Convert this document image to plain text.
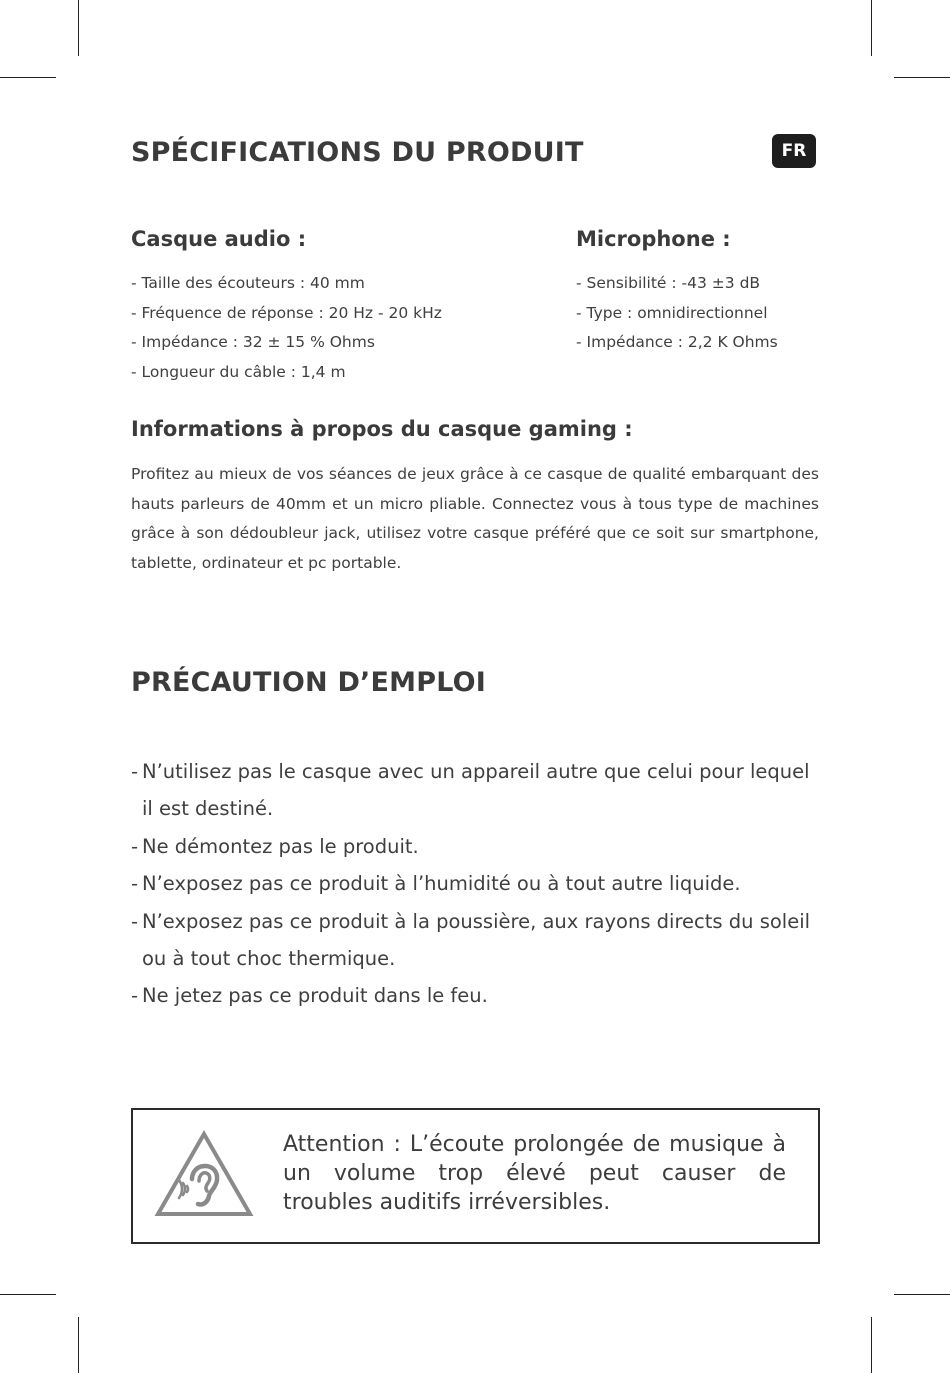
SPÉCIFICATIONS DU PRODUIT	FR
Casque audio :
- Taille des écouteurs : 40 mm
- Fréquence de réponse : 20 Hz - 20 kHz
- Impédance : 32 ± 15 % Ohms
- Longueur du câble : 1,4 m
Microphone :
- Sensibilité : -43 ±3 dB
- Type : omnidirectionnel
- Impédance : 2,2 K Ohms
Informations à propos du casque gaming :

Profitez au mieux de vos séances de jeux grâce à ce casque de qualité embarquant des hauts parleurs de 40mm et un micro pliable. Connectez vous à tous type de machines grâce à son dédoubleur jack, utilisez votre casque préféré que ce soit sur smartphone, tablette, ordinateur et pc portable.

PRÉCAUTION D’EMPLOI
- N’utilisez pas le casque avec un appareil autre que celui pour lequel il est destiné.
- Ne démontez pas le produit.
- N’exposez pas ce produit à l’humidité ou à tout autre liquide.
- N’exposez pas ce produit à la poussière, aux rayons directs du soleil ou à tout choc thermique.
- Ne jetez pas ce produit dans le feu.

Attention : L’écoute prolongée de musique à un volume trop élevé peut causer de troubles auditifs irréversibles.
